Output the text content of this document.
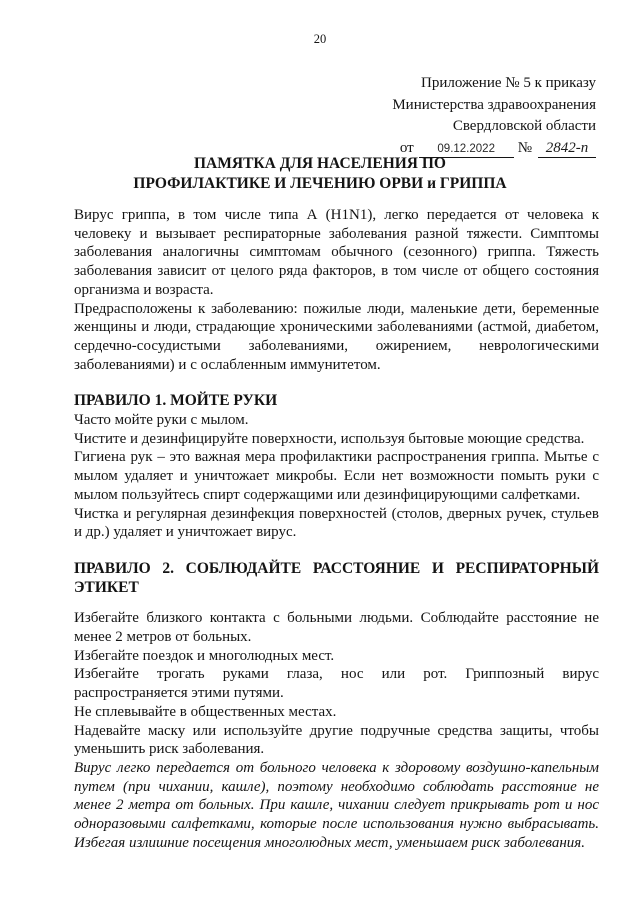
20
Приложение № 5 к приказу
Министерства здравоохранения
Свердловской области
от	09.12.2022	№ 2842-п
ПАМЯТКА ДЛЯ НАСЕЛЕНИЯ ПО
ПРОФИЛАКТИКЕ И ЛЕЧЕНИЮ ОРВИ и ГРИППА

Вирус гриппа, в том числе типа А (H1N1), легко передается от человека к человеку и вызывает респираторные заболевания разной тяжести. Симптомы заболевания аналогичны симптомам обычного (сезонного) гриппа. Тяжесть заболевания зависит от целого ряда факторов, в том числе от общего состояния организма и возраста.

Предрасположены к заболеванию: пожилые люди, маленькие дети, беременные женщины и люди, страдающие хроническими заболеваниями (астмой, диабетом, сердечно-сосудистыми заболеваниями, ожирением, неврологическими заболеваниями) и с ослабленным иммунитетом.

ПРАВИЛО 1. МОЙТЕ РУКИ

Часто мойте руки с мылом.

Чистите и дезинфицируйте поверхности, используя бытовые моющие средства.

Гигиена рук – это важная мера профилактики распространения гриппа. Мытье с мылом удаляет и уничтожает микробы. Если нет возможности помыть руки с мылом пользуйтесь спирт содержащими или дезинфицирующими салфетками.

Чистка и регулярная дезинфекция поверхностей (столов, дверных ручек, стульев и др.) удаляет и уничтожает вирус.

ПРАВИЛО 2. СОБЛЮДАЙТЕ РАССТОЯНИЕ И РЕСПИРАТОРНЫЙ ЭТИКЕТ

Избегайте близкого контакта с больными людьми. Соблюдайте расстояние не менее 2 метров от больных.

Избегайте поездок и многолюдных мест.

Избегайте трогать руками глаза, нос или рот. Гриппозный вирус распространяется этими путями.

Не сплевывайте в общественных местах.

Надевайте маску или используйте другие подручные средства защиты, чтобы уменьшить риск заболевания.

Вирус легко передается от больного человека к здоровому воздушно-капельным путем (при чихании, кашле), поэтому необходимо соблюдать расстояние не менее 2 метра от больных. При кашле, чихании следует прикрывать рот и нос одноразовыми салфетками, которые после использования нужно выбрасывать. Избегая излишние посещения многолюдных мест, уменьшаем риск заболевания.
